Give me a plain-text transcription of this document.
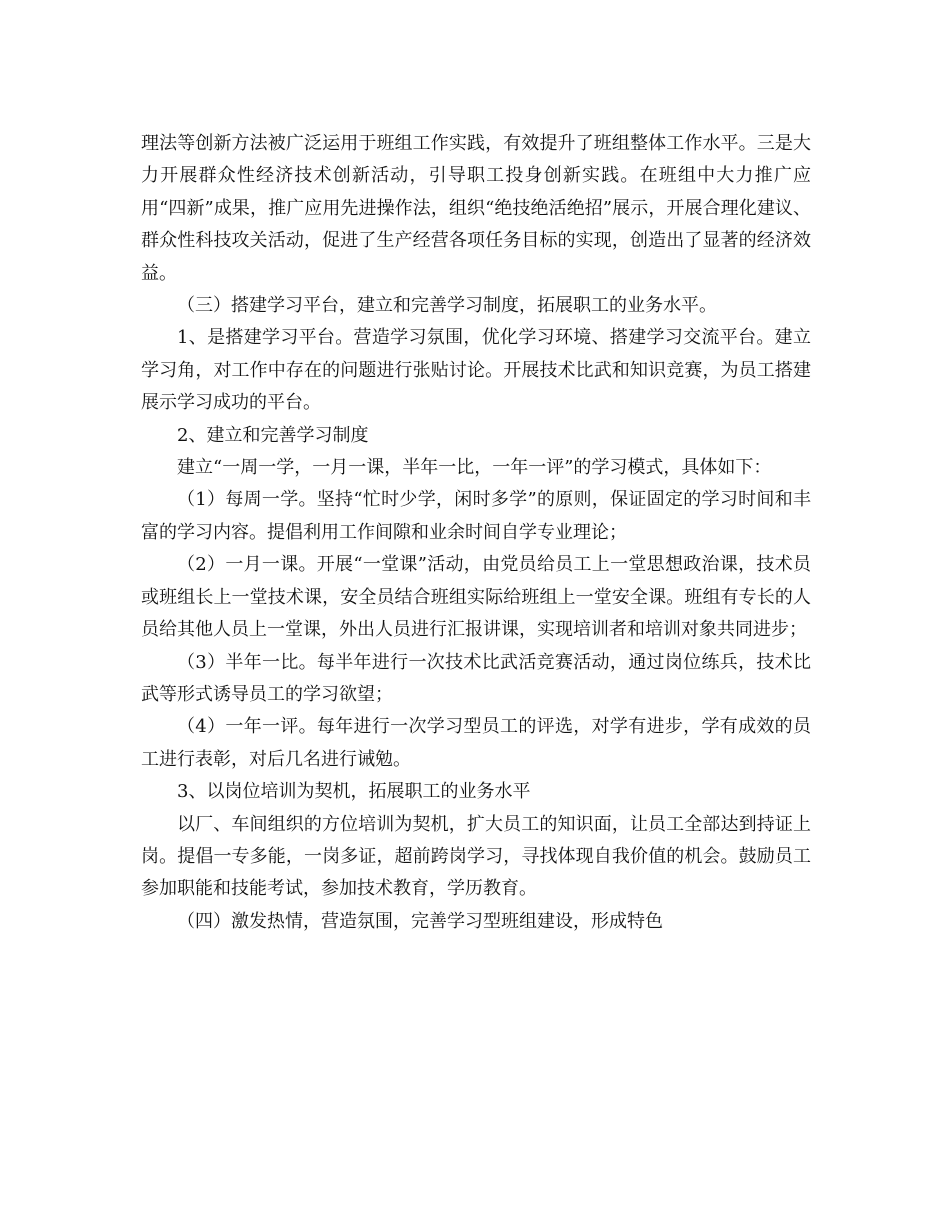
理法等创新方法被广泛运用于班组工作实践，有效提升了班组整体工作水平。三是大力开展群众性经济技术创新活动，引导职工投身创新实践。在班组中大力推广应用“四新”成果，推广应用先进操作法，组织“绝技绝活绝招”展示，开展合理化建议、群众性科技攻关活动，促进了生产经营各项任务目标的实现，创造出了显著的经济效益。

（三）搭建学习平台，建立和完善学习制度，拓展职工的业务水平。

1、是搭建学习平台。营造学习氛围，优化学习环境、搭建学习交流平台。建立学习角，对工作中存在的问题进行张贴讨论。开展技术比武和知识竞赛，为员工搭建展示学习成功的平台。

2、建立和完善学习制度

建立“一周一学，一月一课，半年一比，一年一评”的学习模式，具体如下：

（1）每周一学。坚持“忙时少学，闲时多学”的原则，保证固定的学习时间和丰富的学习内容。提倡利用工作间隙和业余时间自学专业理论；

（2）一月一课。开展“一堂课”活动，由党员给员工上一堂思想政治课，技术员或班组长上一堂技术课，安全员结合班组实际给班组上一堂安全课。班组有专长的人员给其他人员上一堂课，外出人员进行汇报讲课，实现培训者和培训对象共同进步；

（3）半年一比。每半年进行一次技术比武活竞赛活动，通过岗位练兵，技术比武等形式诱导员工的学习欲望；

（4）一年一评。每年进行一次学习型员工的评选，对学有进步，学有成效的员工进行表彰，对后几名进行诫勉。

3、以岗位培训为契机，拓展职工的业务水平

以厂、车间组织的方位培训为契机，扩大员工的知识面，让员工全部达到持证上岗。提倡一专多能，一岗多证，超前跨岗学习，寻找体现自我价值的机会。鼓励员工参加职能和技能考试，参加技术教育，学历教育。

（四）激发热情，营造氛围，完善学习型班组建设，形成特色
